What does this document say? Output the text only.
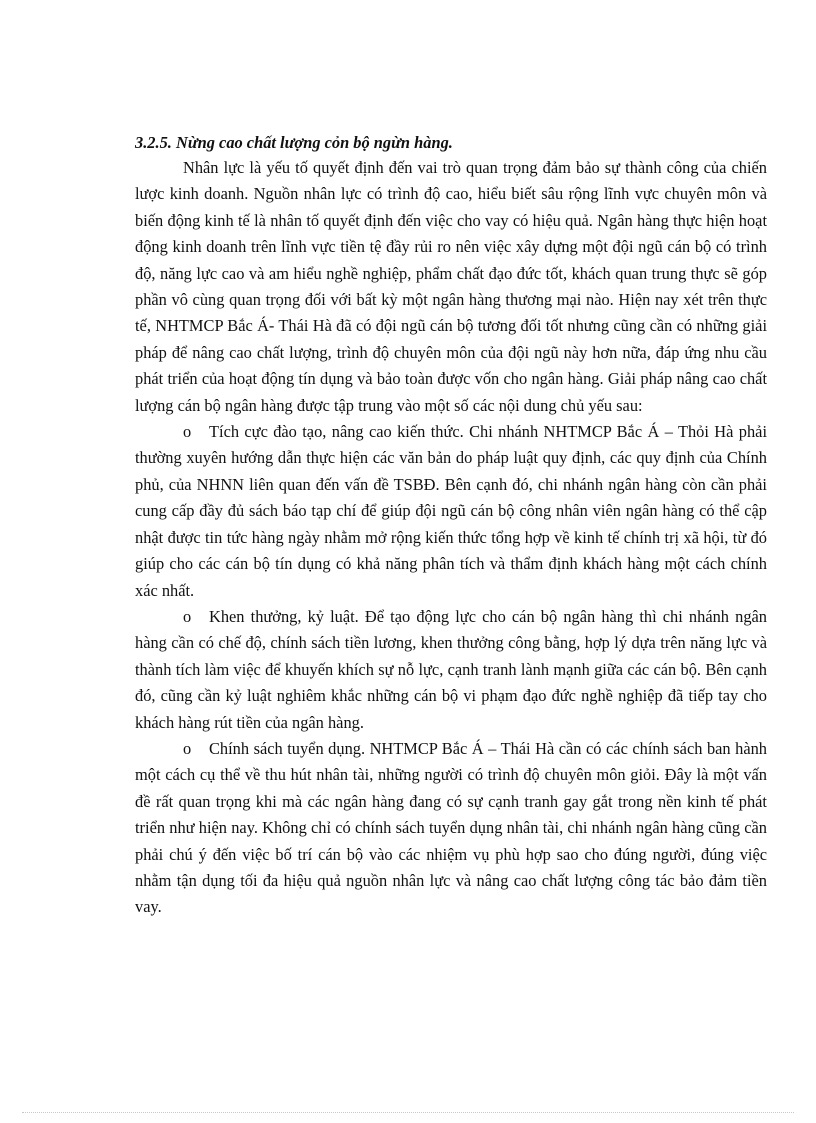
3.2.5. Nừng cao chất lượng cỏn bộ ngừn hàng.

Nhân lực là yếu tố quyết định đến vai trò quan trọng đảm bảo sự thành công của chiến lược kinh doanh. Nguồn nhân lực có trình độ cao, hiểu biết sâu rộng lĩnh vực chuyên môn và biến động kinh tế là nhân tố quyết định đến việc cho vay có hiệu quả. Ngân hàng thực hiện hoạt động kinh doanh trên lĩnh vực tiền tệ đầy rủi ro nên việc xây dựng một đội ngũ cán bộ có trình độ, năng lực cao và am hiểu nghề nghiệp, phẩm chất đạo đức tốt, khách quan trung thực sẽ góp phần vô cùng quan trọng đối với bất kỳ một ngân hàng thương mại nào. Hiện nay xét trên thực tế, NHTMCP Bắc Á- Thái Hà đã có đội ngũ cán bộ tương đối tốt nhưng cũng cần có những giải pháp để nâng cao chất lượng, trình độ chuyên môn của đội ngũ này hơn nữa, đáp ứng nhu cầu phát triển của hoạt động tín dụng và bảo toàn được vốn cho ngân hàng. Giải pháp nâng cao chất lượng cán bộ ngân hàng được tập trung vào một số các nội dung chủ yếu sau:

o Tích cực đào tạo, nâng cao kiến thức. Chi nhánh NHTMCP Bắc Á – Thỏi Hà phải thường xuyên hướng dẫn thực hiện các văn bản do pháp luật quy định, các quy định của Chính phủ, của NHNN liên quan đến vấn đề TSBĐ. Bên cạnh đó, chi nhánh ngân hàng còn cần phải cung cấp đầy đủ sách báo tạp chí để giúp đội ngũ cán bộ công nhân viên ngân hàng có thể cập nhật được tin tức hàng ngày nhằm mở rộng kiến thức tổng hợp về kinh tế chính trị xã hội, từ đó giúp cho các cán bộ tín dụng có khả năng phân tích và thẩm định khách hàng một cách chính xác nhất.
o Khen thưởng, kỷ luật. Để tạo động lực cho cán bộ ngân hàng thì chi nhánh ngân hàng cần có chế độ, chính sách tiền lương, khen thưởng công bằng, hợp lý dựa trên năng lực và thành tích làm việc để khuyến khích sự nỗ lực, cạnh tranh lành mạnh giữa các cán bộ. Bên cạnh đó, cũng cần kỷ luật nghiêm khắc những cán bộ vi phạm đạo đức nghề nghiệp đã tiếp tay cho khách hàng rút tiền của ngân hàng.
o Chính sách tuyển dụng. NHTMCP Bắc Á – Thái Hà cần có các chính sách ban hành một cách cụ thể về thu hút nhân tài, những người có trình độ chuyên môn giỏi. Đây là một vấn đề rất quan trọng khi mà các ngân hàng đang có sự cạnh tranh gay gắt trong nền kinh tế phát triển như hiện nay. Không chỉ có chính sách tuyển dụng nhân tài, chi nhánh ngân hàng cũng cần phải chú ý đến việc bố trí cán bộ vào các nhiệm vụ phù hợp sao cho đúng người, đúng việc nhằm tận dụng tối đa hiệu quả nguồn nhân lực và nâng cao chất lượng công tác bảo đảm tiền vay.
